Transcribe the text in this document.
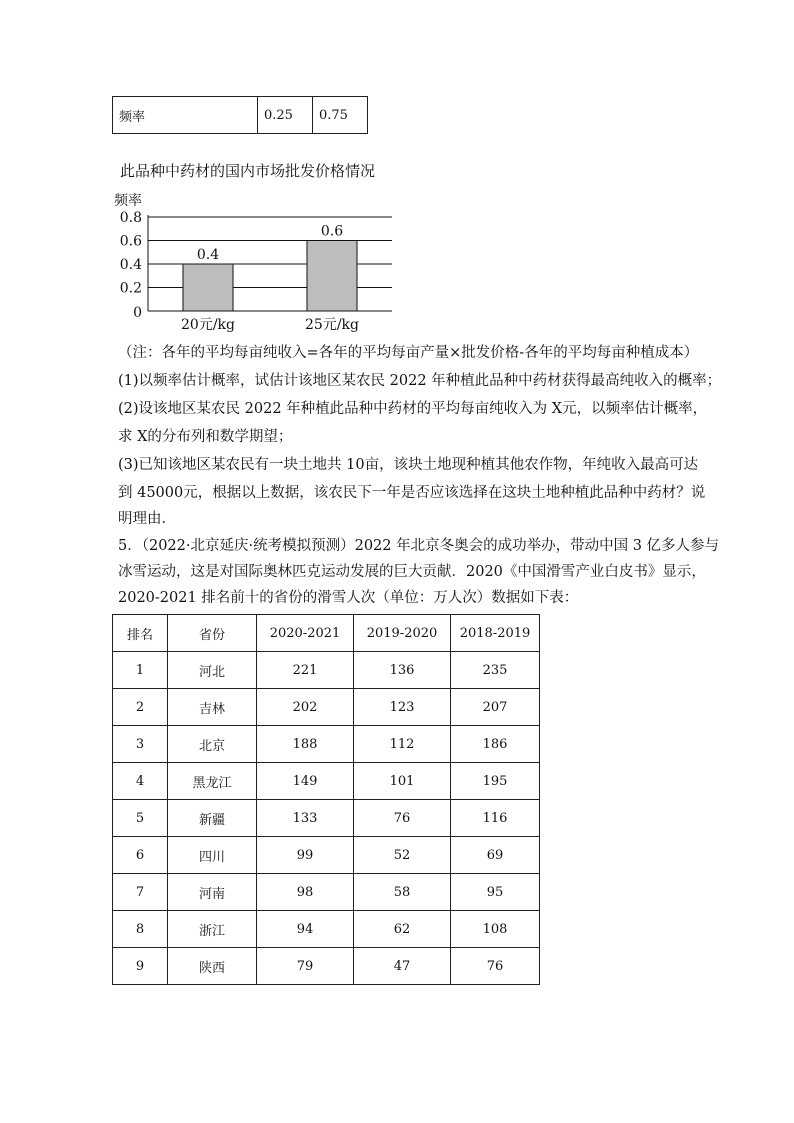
频率	0.25	0.75
此品种中药材的国内市场批发价格情况
频率
0
0.2
0.4
0.6
0.8
0.4
20元/kg
0.6
25元/kg
（注：各年的平均每亩纯收入=各年的平均每亩产量×批发价格-各年的平均每亩种植成本）
(1)以频率估计概率，试估计该地区某农民 2022 年种植此品种中药材获得最高纯收入的概率；
(2)设该地区某农民 2022 年种植此品种中药材的平均每亩纯收入为 X元，以频率估计概率，
求 X的分布列和数学期望；
(3)已知该地区某农民有一块土地共 10亩，该块土地现种植其他农作物，年纯收入最高可达
到 45000元，根据以上数据，该农民下一年是否应该选择在这块土地种植此品种中药材？说
明理由．
5．（2022·北京延庆·统考模拟预测）2022 年北京冬奥会的成功举办，带动中国 3 亿多人参与
冰雪运动，这是对国际奥林匹克运动发展的巨大贡献．2020《中国滑雪产业白皮书》显示，
2020-2021 排名前十的省份的滑雪人次（单位：万人次）数据如下表：
排名	省份	2020-2021	2019-2020	2018-2019
1	河北	221	136	235
2	吉林	202	123	207
3	北京	188	112	186
4	黑龙江	149	101	195
5	新疆	133	76	116
6	四川	99	52	69
7	河南	98	58	95
8	浙江	94	62	108
9	陕西	79	47	76
